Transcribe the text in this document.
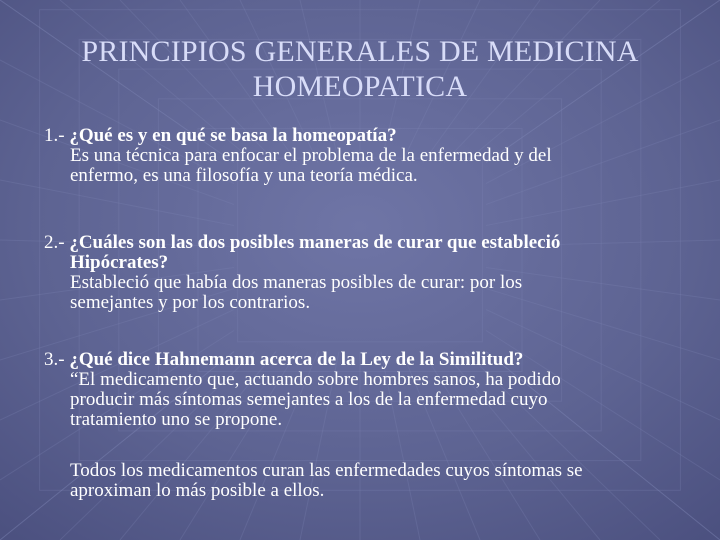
PRINCIPIOS GENERALES DE MEDICINA
HOMEOPATICA
1.- ¿Qué es y en qué se basa la homeopatía?
Es una técnica para enfocar el problema de la enfermedad y del
enfermo, es una filosofía y una teoría médica.
2.- ¿Cuáles son las dos posibles maneras de curar que estableció
Hipócrates?
Estableció que había dos maneras posibles de curar: por los
semejantes y por los contrarios.
3.- ¿Qué dice Hahnemann acerca de la Ley de la Similitud?
“El medicamento que, actuando sobre hombres sanos, ha podido
producir más síntomas semejantes a los de la enfermedad cuyo
tratamiento uno se propone.
Todos los medicamentos curan las enfermedades cuyos síntomas se
aproximan lo más posible a ellos.
